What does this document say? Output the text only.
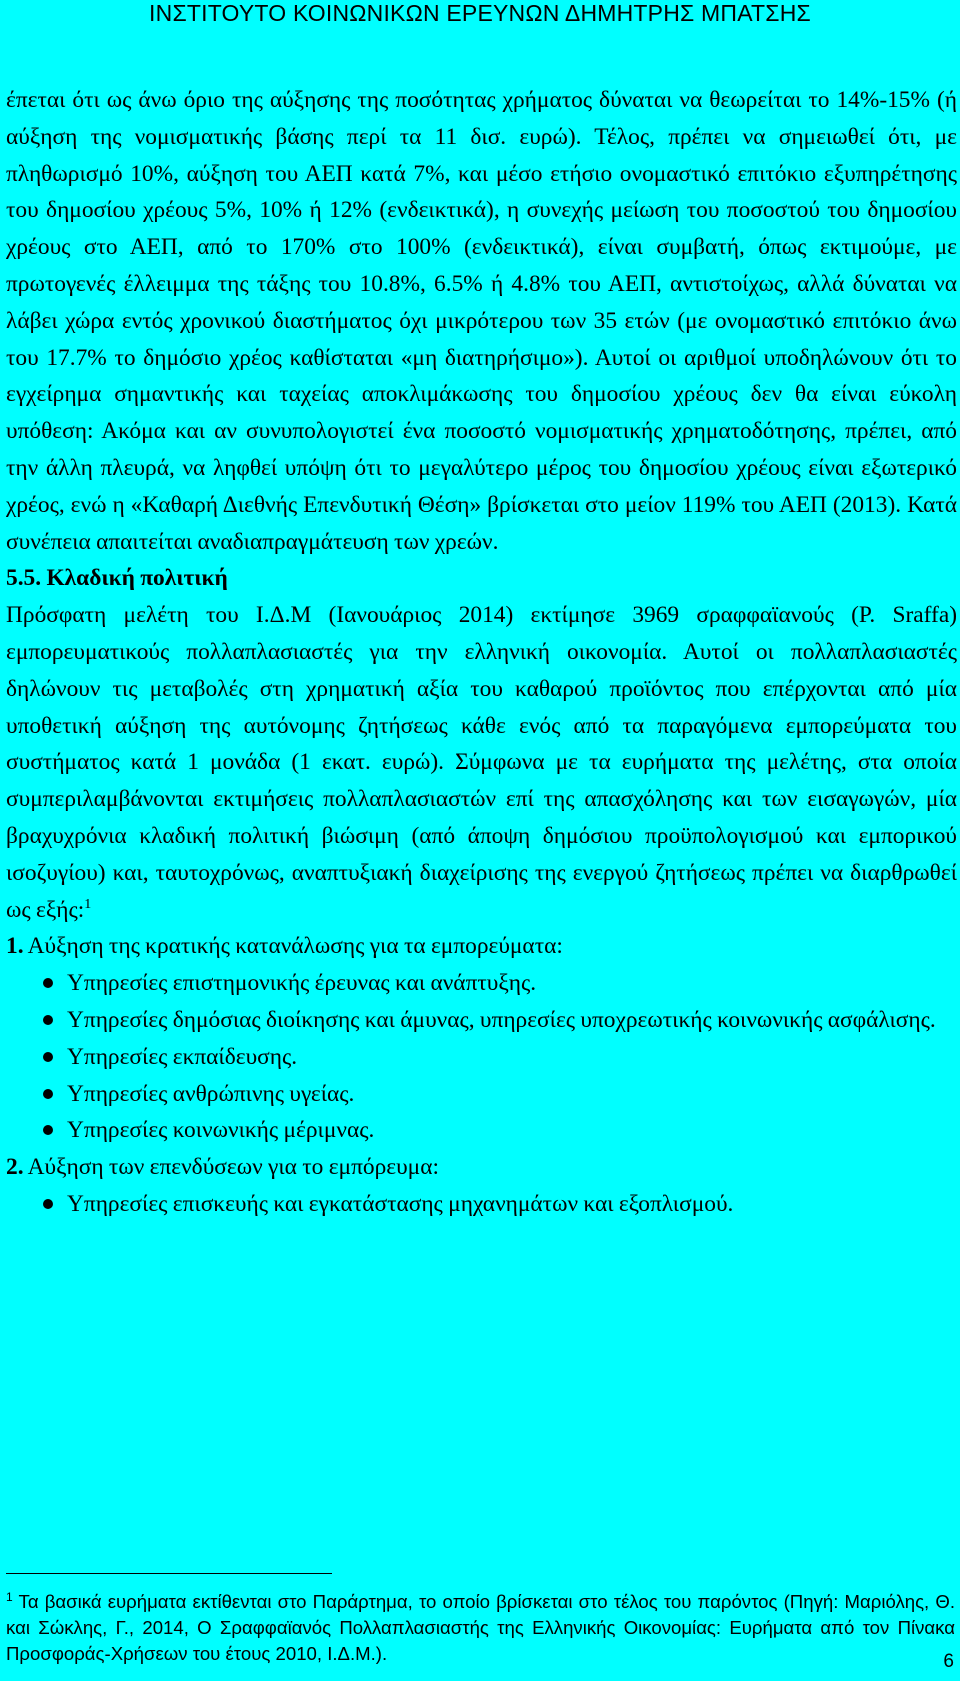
ΙΝΣΤΙΤΟΥΤΟ ΚΟΙΝΩΝΙΚΩΝ ΕΡΕΥΝΩΝ ΔΗΜΗΤΡΗΣ ΜΠΑΤΣΗΣ

έπεται ότι ως άνω όριο της αύξησης της ποσότητας χρήματος δύναται να θεωρείται το 14%-15% (ή αύξηση της νομισματικής βάσης περί τα 11 δισ. ευρώ). Τέλος, πρέπει να σημειωθεί ότι, με πληθωρισμό 10%, αύξηση του ΑΕΠ κατά 7%, και μέσο ετήσιο ονομαστικό επιτόκιο εξυπηρέτησης του δημοσίου χρέους 5%, 10% ή 12% (ενδεικτικά), η συνεχής μείωση του ποσοστού του δημοσίου χρέους στο ΑΕΠ, από το 170% στο 100% (ενδεικτικά), είναι συμβατή, όπως εκτιμούμε, με πρωτογενές έλλειμμα της τάξης του 10.8%, 6.5% ή 4.8% του ΑΕΠ, αντιστοίχως, αλλά δύναται να λάβει χώρα εντός χρονικού διαστήματος όχι μικρότερου των 35 ετών (με ονομαστικό επιτόκιο άνω του 17.7% το δημόσιο χρέος καθίσταται «μη διατηρήσιμο»). Αυτοί οι αριθμοί υποδηλώνουν ότι το εγχείρημα σημαντικής και ταχείας αποκλιμάκωσης του δημοσίου χρέους δεν θα είναι εύκολη υπόθεση: Ακόμα και αν συνυπολογιστεί ένα ποσοστό νομισματικής χρηματοδότησης, πρέπει, από την άλλη πλευρά, να ληφθεί υπόψη ότι το μεγαλύτερο μέρος του δημοσίου χρέους είναι εξωτερικό χρέος, ενώ η «Καθαρή Διεθνής Επενδυτική Θέση» βρίσκεται στο μείον 119% του ΑΕΠ (2013). Κατά συνέπεια απαιτείται αναδιαπραγμάτευση των χρεών.

5.5. Κλαδική πολιτική

Πρόσφατη μελέτη του Ι.Δ.Μ (Ιανουάριος 2014) εκτίμησε 3969 σραφφαϊανούς (Ρ. Sraffa) εμπορευματικούς πολλαπλασιαστές για την ελληνική οικονομία. Αυτοί οι πολλαπλασιαστές δηλώνουν τις μεταβολές στη χρηματική αξία του καθαρού προϊόντος που επέρχονται από μία υποθετική αύξηση της αυτόνομης ζητήσεως κάθε ενός από τα παραγόμενα εμπορεύματα του συστήματος κατά 1 μονάδα (1 εκατ. ευρώ). Σύμφωνα με τα ευρήματα της μελέτης, στα οποία συμπεριλαμβάνονται εκτιμήσεις πολλαπλασιαστών επί της απασχόλησης και των εισαγωγών, μία βραχυχρόνια κλαδική πολιτική βιώσιμη (από άποψη δημόσιου προϋπολογισμού και εμπορικού ισοζυγίου) και, ταυτοχρόνως, αναπτυξιακή διαχείρισης της ενεργού ζητήσεως πρέπει να διαρθρωθεί ως εξής:$^1$

1. Αύξηση της κρατικής κατανάλωσης για τα εμπορεύματα:

Υπηρεσίες επιστημονικής έρευνας και ανάπτυξης.
Υπηρεσίες δημόσιας διοίκησης και άμυνας, υπηρεσίες υποχρεωτικής κοινωνικής ασφάλισης.
Υπηρεσίες εκπαίδευσης.
Υπηρεσίες ανθρώπινης υγείας.
Υπηρεσίες κοινωνικής μέριμνας.

2. Αύξηση των επενδύσεων για το εμπόρευμα:

Υπηρεσίες επισκευής και εγκατάστασης μηχανημάτων και εξοπλισμού.
$^1$ Τα βασικά ευρήματα εκτίθενται στο Παράρτημα, το οποίο βρίσκεται στο τέλος του παρόντος (Πηγή: Μαριόλης, Θ. και Σώκλης, Γ., 2014, Ο Σραφφαϊανός Πολλαπλασιαστής της Ελληνικής Οικονομίας: Ευρήματα από τον Πίνακα Προσφοράς-Χρήσεων του έτους 2010, Ι.Δ.Μ.).	6
